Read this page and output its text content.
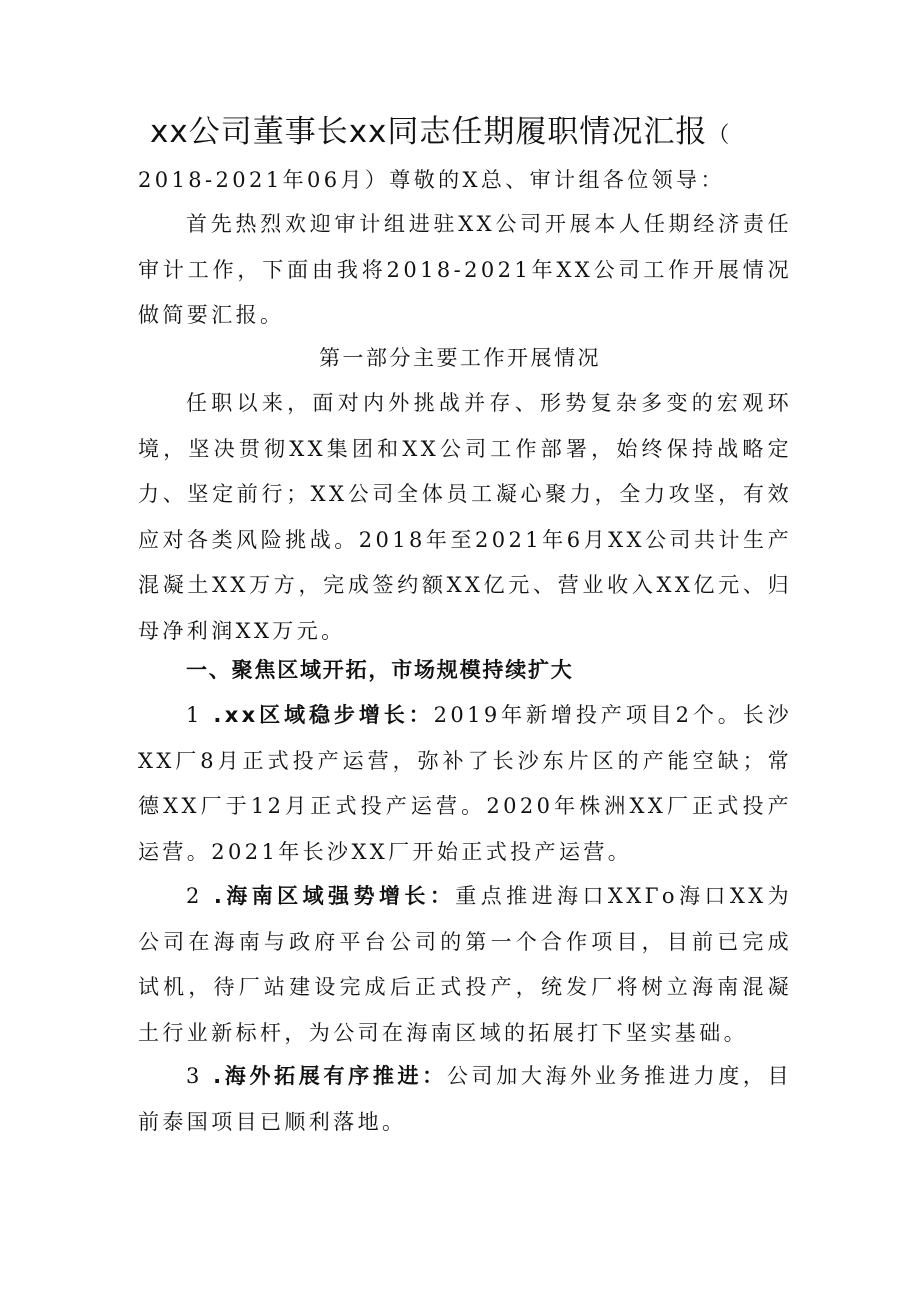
xx公司董事长xx同志任期履职情况汇报（

2018-2021年06月）尊敬的X总、审计组各位领导：

首先热烈欢迎审计组进驻XX公司开展本人任期经济责任审计工作，下面由我将2018-2021年XX公司工作开展情况做简要汇报。

第一部分主要工作开展情况

任职以来，面对内外挑战并存、形势复杂多变的宏观环境，坚决贯彻XX集团和XX公司工作部署，始终保持战略定力、坚定前行；XX公司全体员工凝心聚力，全力攻坚，有效应对各类风险挑战。2018年至2021年6月XX公司共计生产混凝土XX万方，完成签约额XX亿元、营业收入XX亿元、归母净利润XX万元。

一、聚焦区域开拓，市场规模持续扩大

1 .xx区域稳步增长：2019年新增投产项目2个。长沙XX厂8月正式投产运营，弥补了长沙东片区的产能空缺；常德XX厂于12月正式投产运营。2020年株洲XX厂正式投产运营。2021年长沙XX厂开始正式投产运营。

2 .海南区域强势增长：重点推进海口XXГo海口XX为公司在海南与政府平台公司的第一个合作项目，目前已完成试机，待厂站建设完成后正式投产，统发厂将树立海南混凝土行业新标杆，为公司在海南区域的拓展打下坚实基础。

3 .海外拓展有序推进：公司加大海外业务推进力度，目前泰国项目已顺利落地。
